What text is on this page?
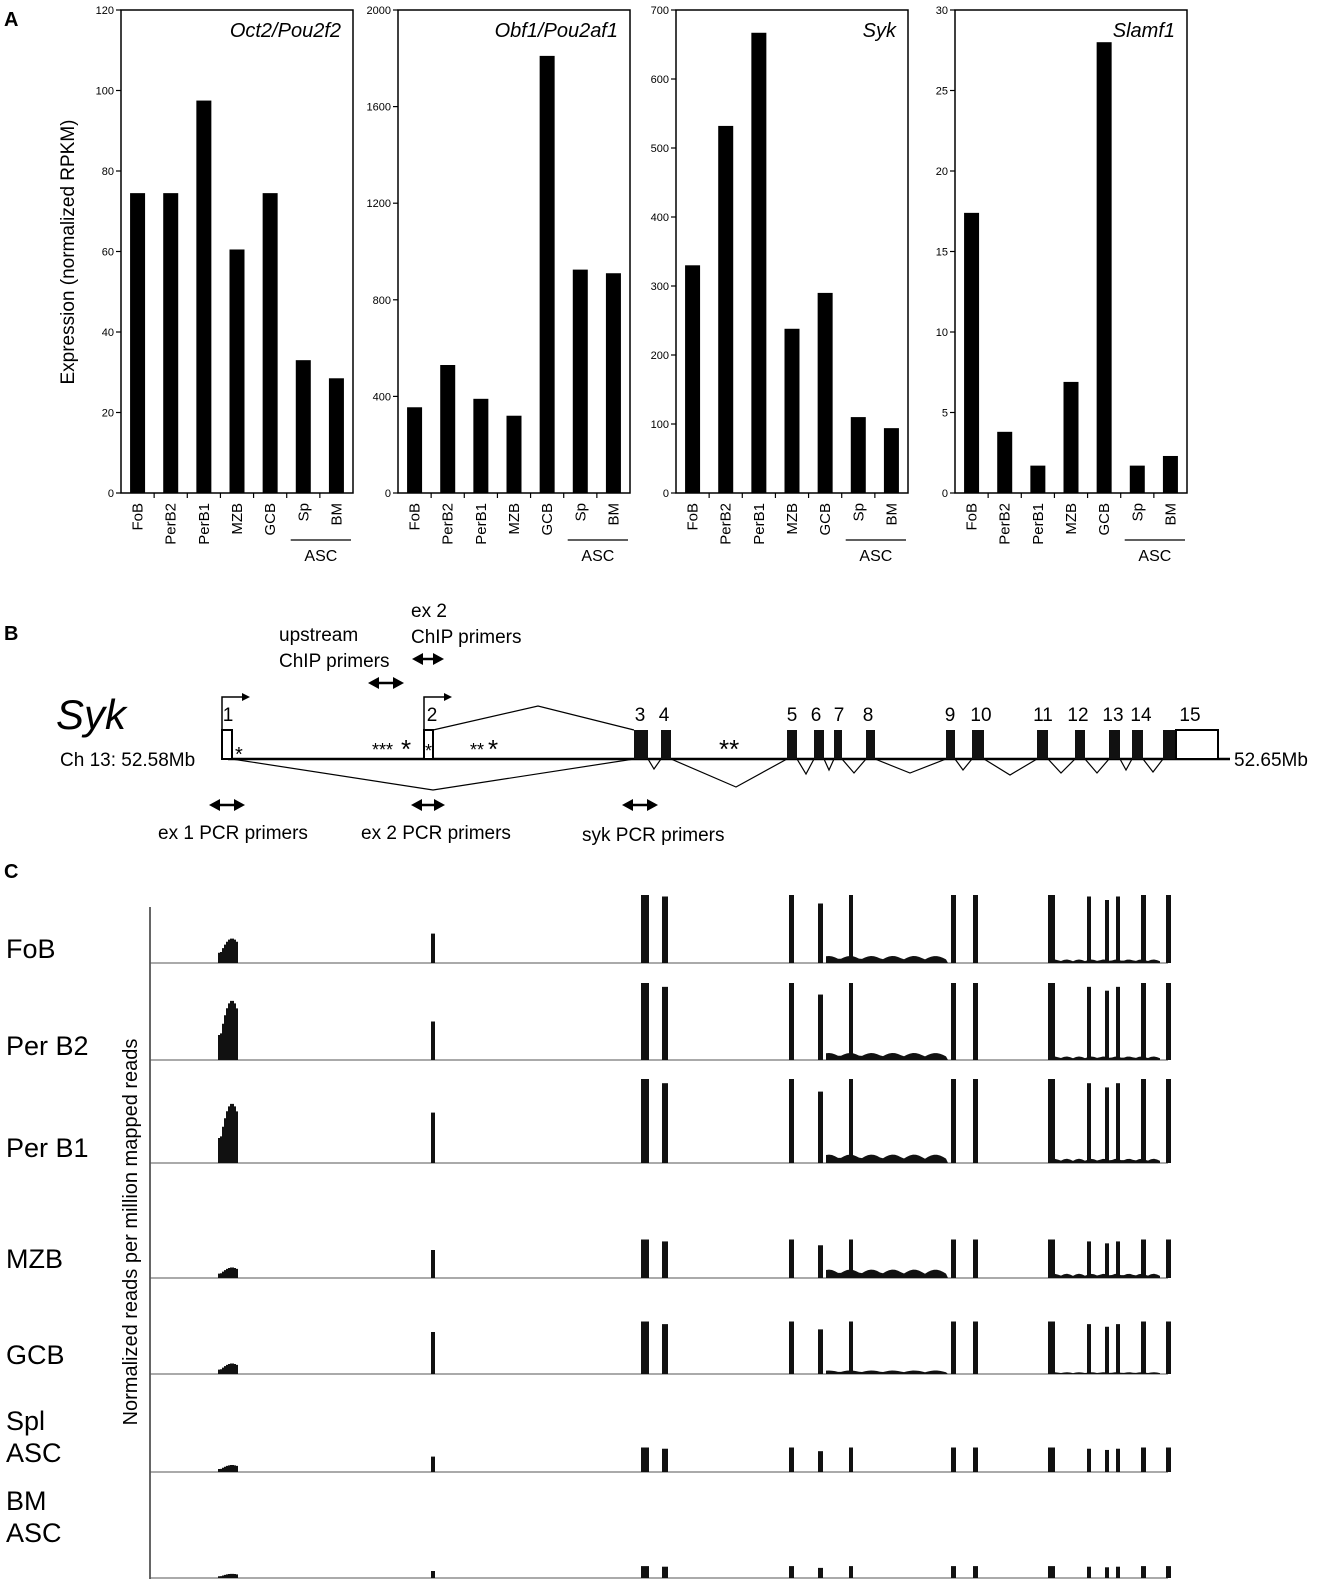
A
Expression (normalized RPKM)
Oct2/Pou2f2
0
20
40
60
80
100
120
FoB PerB2 PerB1 MZB GCB Sp BM
ASC
Obf1/Pou2af1
0
400
800
1200
1600
2000
FoB PerB2 PerB1 MZB GCB Sp BM
ASC
Syk
0
100
200
300
400
500
600
700
FoB PerB2 PerB1 MZB GCB Sp BM
ASC
Slamf1
0
5
10
15
20
25
30
FoB PerB2 PerB1 MZB GCB Sp BM
ASC
B
Syk
Ch 13: 52.58Mb *	52.65Mb
1	2	3 4	5 6 7 8	9 10 11 12 13 14 15
*** * * ** *	**
ex 2
ChIP primers
upstream
ChIP primers
ex 1 PCR primers	ex 2 PCR primers	syk PCR primers
C
Normalized reads per million mapped reads
FoB
Per B2
Per B1
MZB
GCB
Spl
ASC
BM
ASC
